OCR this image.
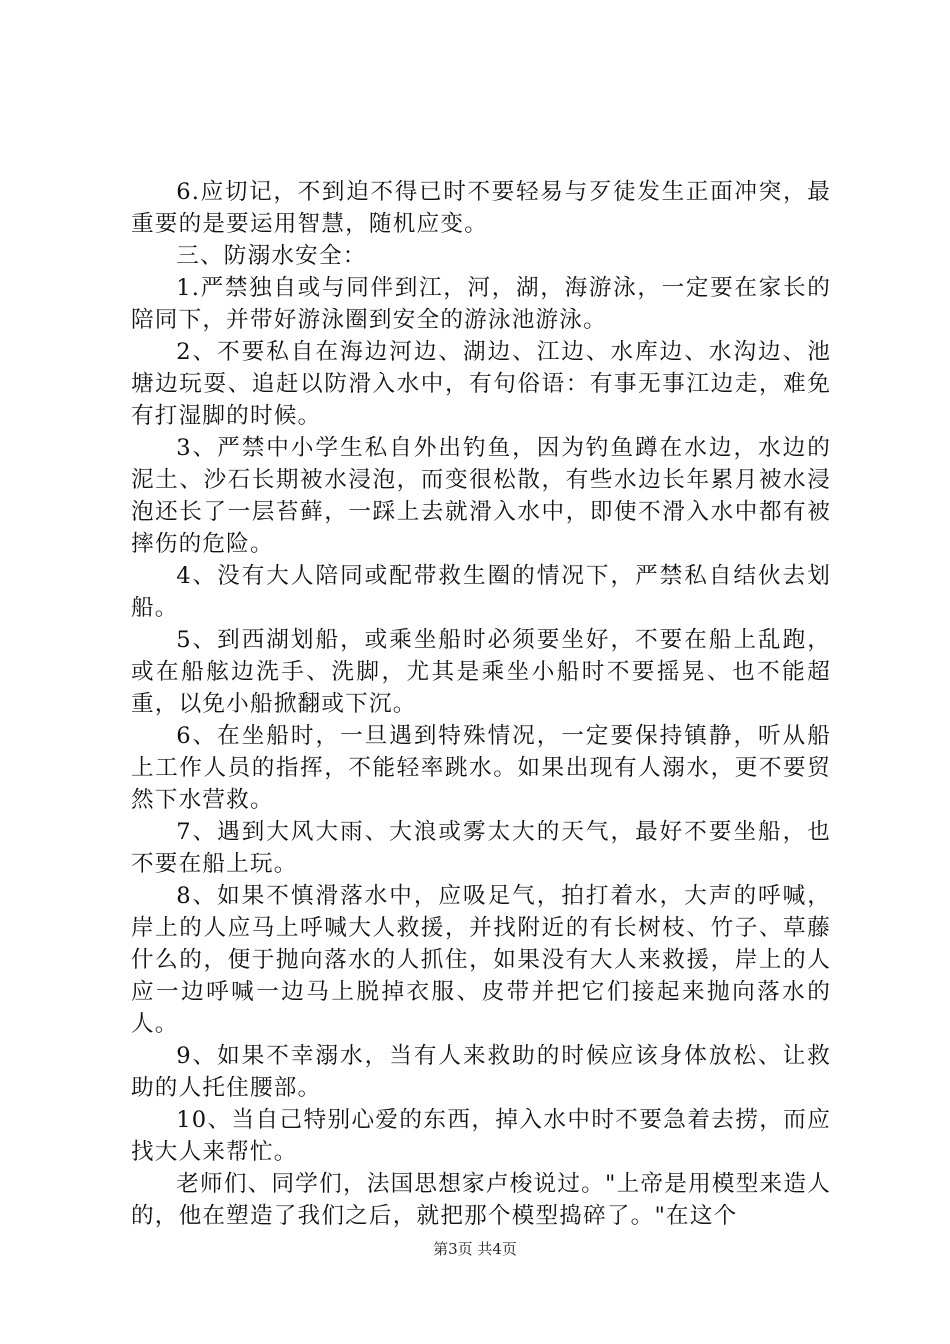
6.应切记，不到迫不得已时不要轻易与歹徒发生正面冲突，最重要的是要运用智慧，随机应变。

三、防溺水安全：

1.严禁独自或与同伴到江，河，湖，海游泳，一定要在家长的陪同下，并带好游泳圈到安全的游泳池游泳。

2、不要私自在海边河边、湖边、江边、水库边、水沟边、池塘边玩耍、追赶以防滑入水中，有句俗语：有事无事江边走，难免有打湿脚的时候。

3、严禁中小学生私自外出钓鱼，因为钓鱼蹲在水边，水边的泥土、沙石长期被水浸泡，而变很松散，有些水边长年累月被水浸泡还长了一层苔藓，一踩上去就滑入水中，即使不滑入水中都有被摔伤的危险。

4、没有大人陪同或配带救生圈的情况下，严禁私自结伙去划船。

5、到西湖划船，或乘坐船时必须要坐好，不要在船上乱跑，或在船舷边洗手、洗脚，尤其是乘坐小船时不要摇晃、也不能超重，以免小船掀翻或下沉。

6、在坐船时，一旦遇到特殊情况，一定要保持镇静，听从船上工作人员的指挥，不能轻率跳水。如果出现有人溺水，更不要贸然下水营救。

7、遇到大风大雨、大浪或雾太大的天气，最好不要坐船，也不要在船上玩。

8、如果不慎滑落水中，应吸足气，拍打着水，大声的呼喊，岸上的人应马上呼喊大人救援，并找附近的有长树枝、竹子、草藤什么的，便于抛向落水的人抓住，如果没有大人来救援，岸上的人应一边呼喊一边马上脱掉衣服、皮带并把它们接起来抛向落水的人。

9、如果不幸溺水，当有人来救助的时候应该身体放松、让救助的人托住腰部。

10、当自己特别心爱的东西，掉入水中时不要急着去捞，而应找大人来帮忙。

老师们、同学们，法国思想家卢梭说过。"上帝是用模型来造人的，他在塑造了我们之后，就把那个模型捣碎了。"在这个

第3页 共4页
